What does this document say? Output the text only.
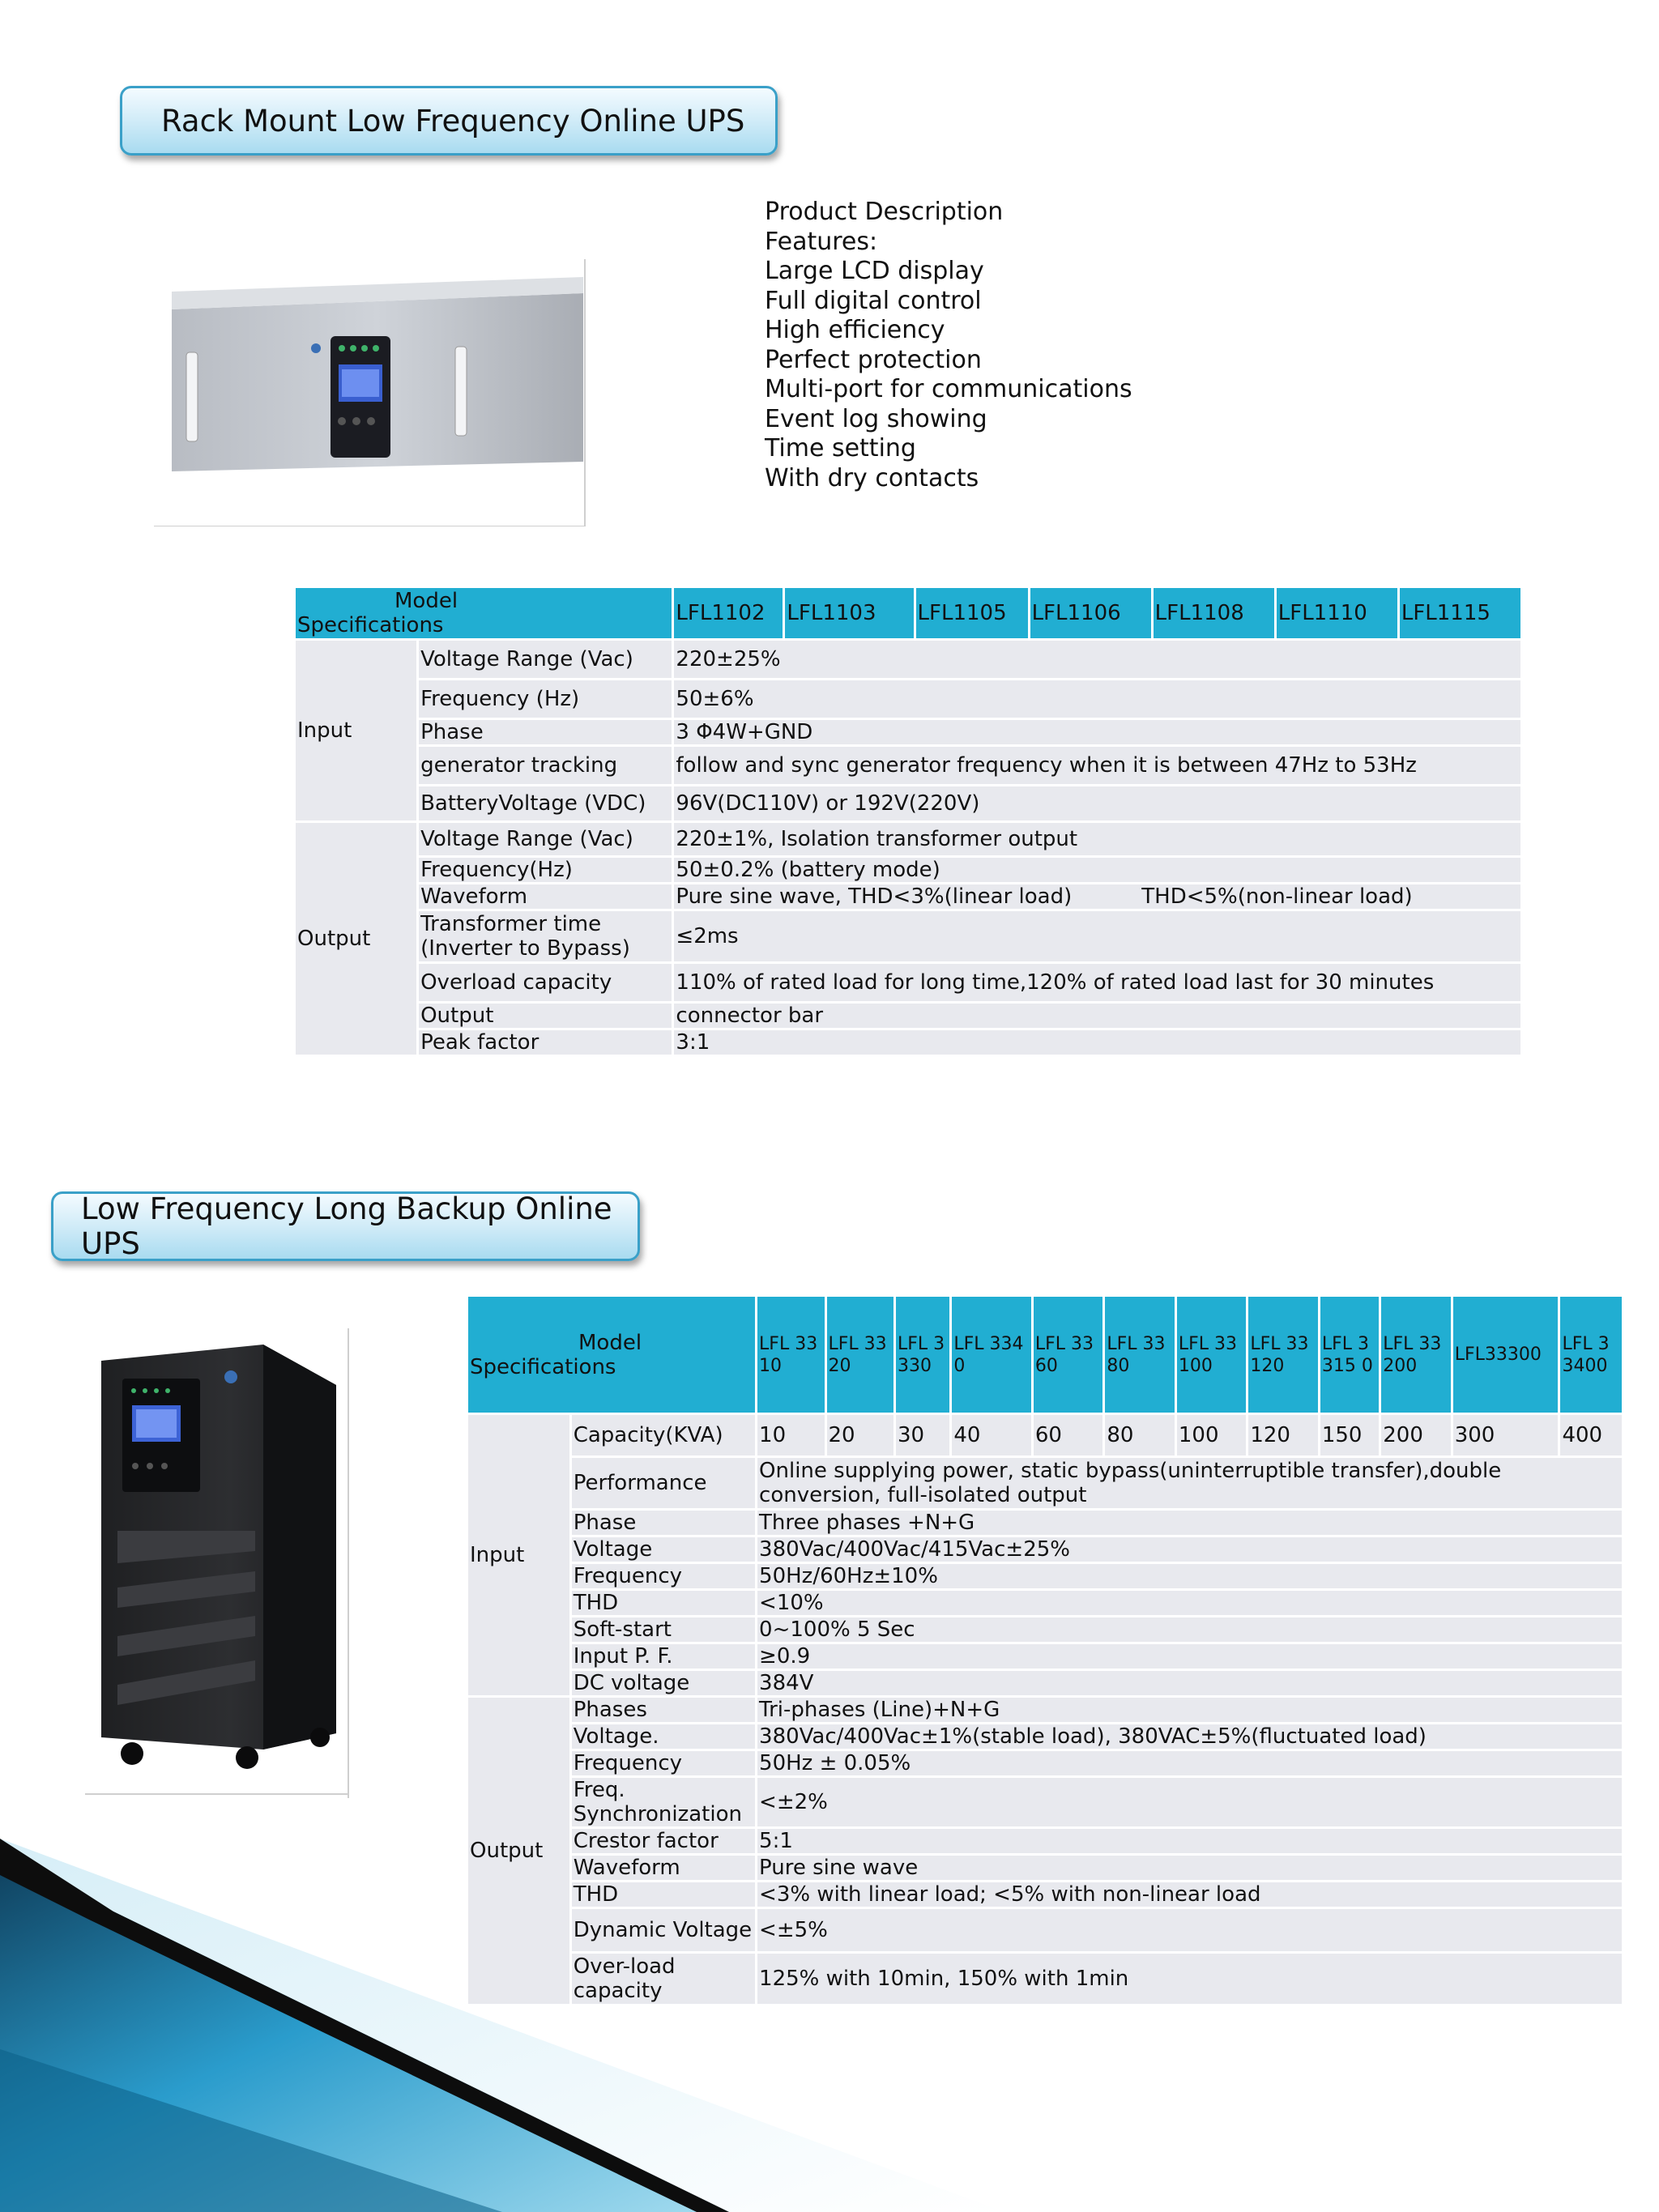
Rack Mount Low Frequency Online UPS
Product Description
Features:
Large LCD display
Full digital control
High efficiency
Perfect protection
Multi-port for communications
Event log showing
Time setting
With dry contacts
Model
Specifications		LFL1102	LFL1103	LFL1105	LFL1106	LFL1108	LFL1110	LFL1115
Input	Voltage Range (Vac)	220±25%						
	Frequency (Hz)	50±6%						
	Phase	3 Φ4W+GND						
	generator tracking	follow and sync generator frequency when it is between 47Hz to 53Hz						
	BatteryVoltage (VDC)	96V(DC110V) or 192V(220V)						
Output	Voltage Range (Vac)	220±1%, Isolation transformer output						
	Frequency(Hz)	50±0.2% (battery mode)						
	Waveform	Pure sine wave, THD<3%(linear load) THD<5%(non-linear load)						
	Transformer time (Inverter to Bypass)	≤2ms						
	Overload capacity	110% of rated load for long time,120% of rated load last for 30 minutes						
	Output	connector bar						
	Peak factor	3:1						
Low Frequency Long Backup Online UPS
Model
Specifications		LFL 3310	LFL 3320	LFL 3330	LFL 3340	LFL 3360	LFL 3380	LFL 33100	LFL 33120	LFL 3315 0	LFL 33200	LFL33300	LFL 33400
Input	Capacity(KVA)	10	20	30	40	60	80	100	120	150	200	300	400
	Performance	Online supplying power, static bypass(uninterruptible transfer),double conversion, full-isolated output											
	Phase	Three phases +N+G											
	Voltage	380Vac/400Vac/415Vac±25%											
	Frequency	50Hz/60Hz±10%											
	THD	<10%											
	Soft-start	0~100% 5 Sec											
	Input P. F.	≥0.9											
	DC voltage	384V											
Output	Phases	Tri-phases (Line)+N+G											
	Voltage.	380Vac/400Vac±1%(stable load), 380VAC±5%(fluctuated load)											
	Frequency	50Hz ± 0.05%											
	Freq. Synchronization	<±2%											
	Crestor factor	5:1											
	Waveform	Pure sine wave											
	THD	<3% with linear load; <5% with non-linear load											
	Dynamic Voltage	<±5%											
	Over-load capacity	125% with 10min, 150% with 1min											
